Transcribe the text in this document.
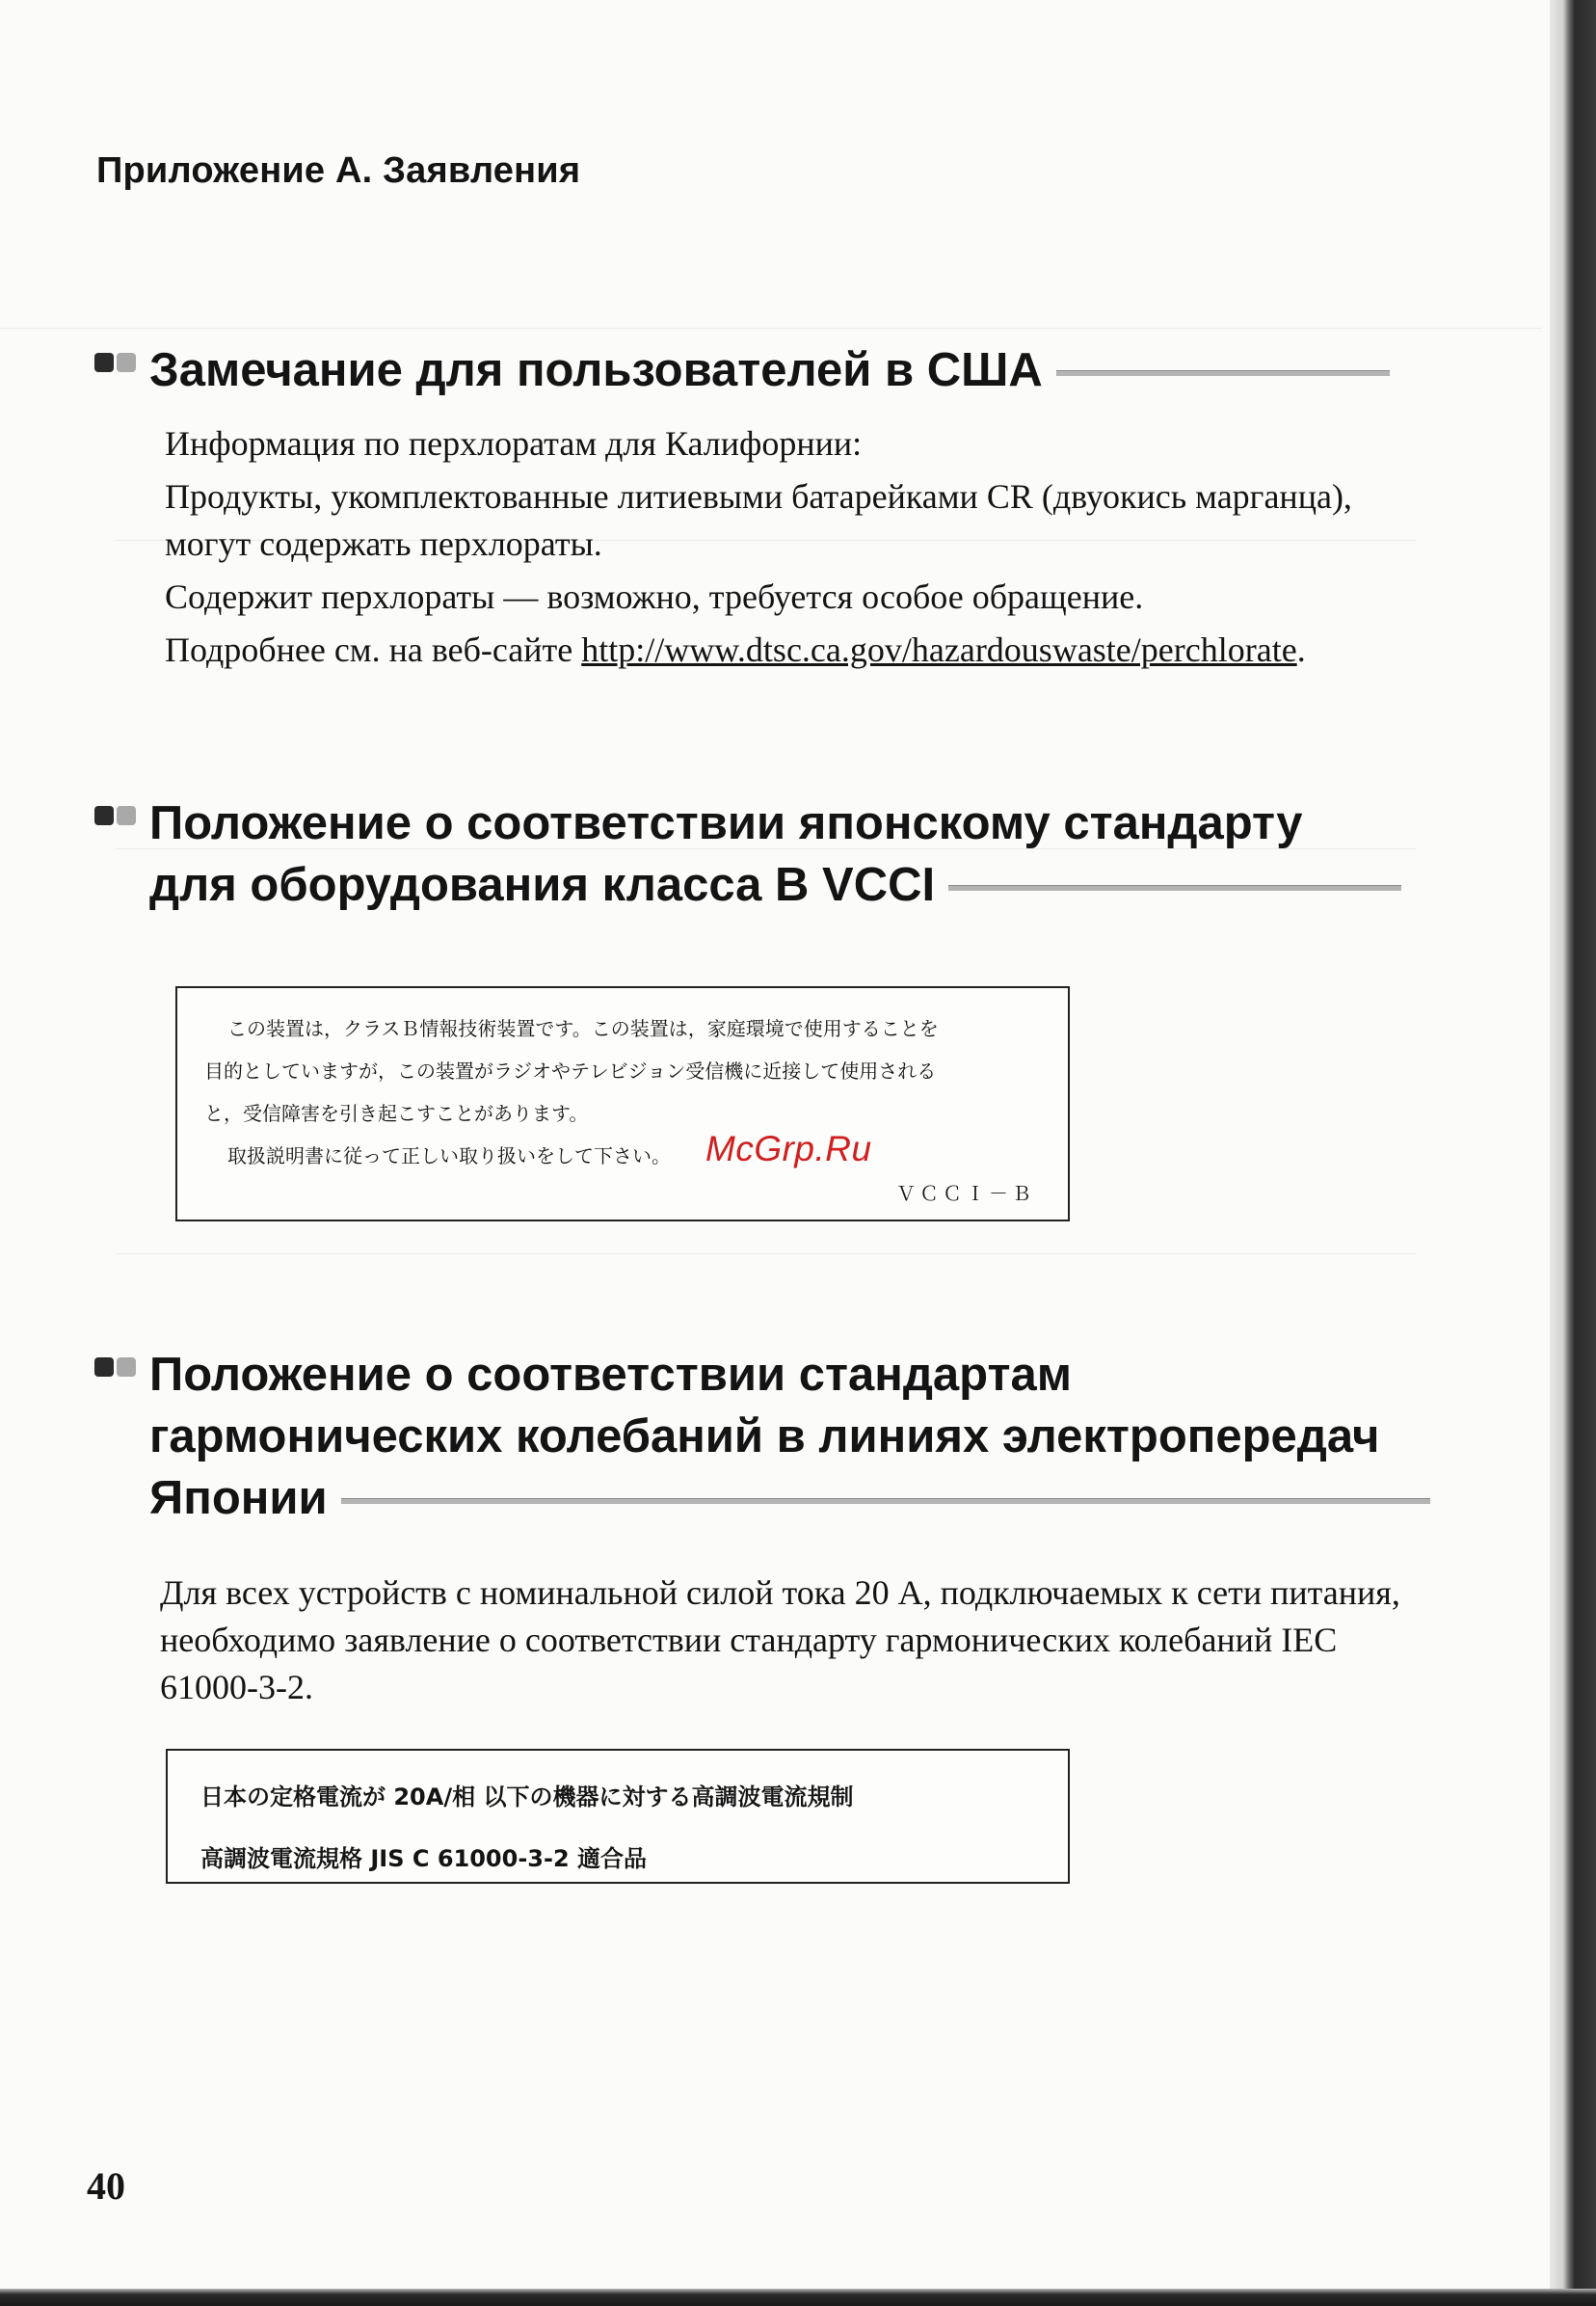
Приложение А. Заявления
Замечание для пользователей в США

Информация по перхлоратам для Калифорнии:

Продукты, укомплектованные литиевыми батарейками CR (двуокись марганца), могут содержать перхлораты.

Содержит перхлораты — возможно, требуется особое обращение.

Подробнее см. на веб-сайте http://www.dtsc.ca.gov/hazardouswaste/perchlorate.

Положение о соответствии японскому стандарту
для оборудования класса B VCCI
この装置は，クラスＢ情報技術装置です。この装置は，家庭環境で使用することを
目的としていますが，この装置がラジオやテレビジョン受信機に近接して使用される
と，受信障害を引き起こすことがあります。
取扱説明書に従って正しい取り扱いをして下さい。
ＶＣＣＩ－Ｂ
McGrp.Ru
Положение о соответствии стандартам
гармонических колебаний в линиях электропередач
Японии

Для всех устройств с номинальной силой тока 20 А, подключаемых к сети питания, необходимо заявление о соответствии стандарту гармонических колебаний IEC 61000-3-2.

日本の定格電流が 20A/相 以下の機器に対する高調波電流規制
高調波電流規格 JIS C 61000-3-2 適合品
40
